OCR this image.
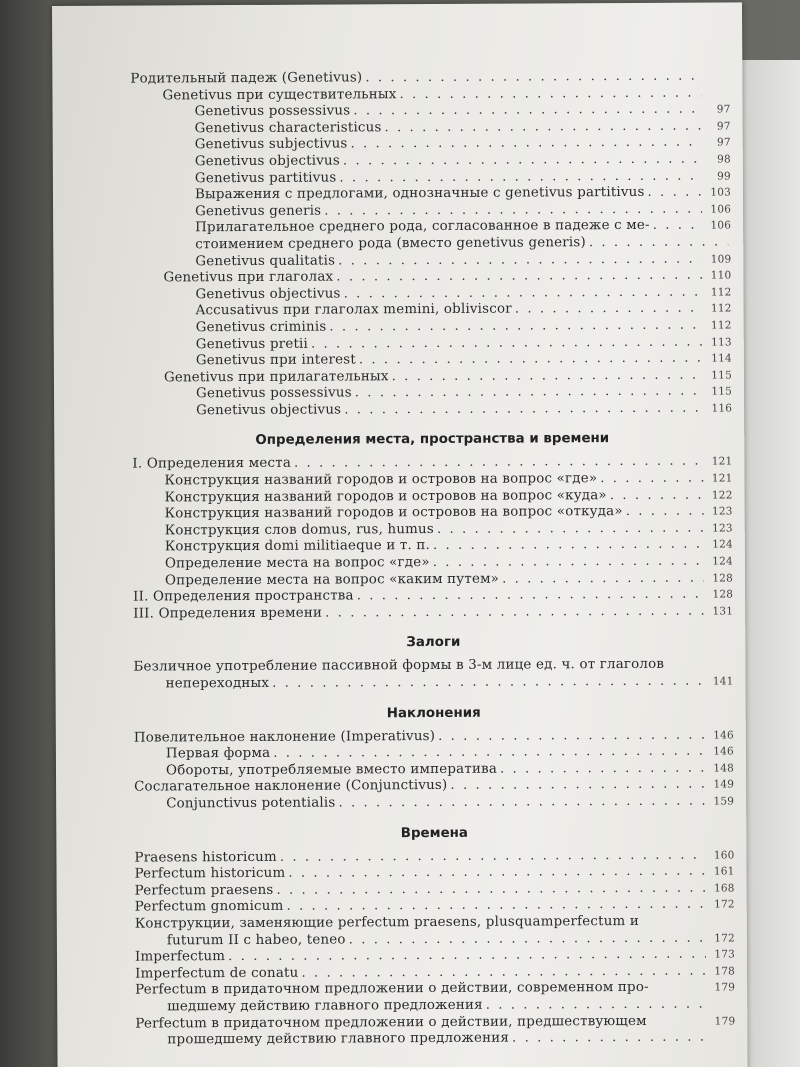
Родительный падеж (Genetivus)
. . .
Genetivus при существительных
. . .
Genetivus possessivus . . .	97
Genetivus characteristicus . . .	97
Genetivus subjectivus . . .	97
Genetivus objectivus . . .	98
Genetivus partitivus . . .	99
Выражения с предлогами, однозначные с genetivus partitivus . . .	103
Genetivus generis . . .	106
Прилагательное среднего рода, согласованное в падеже с ме- . . .	106
стоимением среднего рода (вместо genetivus generis)
. . .
Genetivus qualitatis . . .	109
Genetivus при глаголах . . .	110
Genetivus objectivus . . .	112
Accusativus при глаголах memini, obliviscor . . .	112
Genetivus criminis . . .	112
Genetivus pretii . . .	113
Genetivus при interest . . .	114
Genetivus при прилагательных . . .	115
Genetivus possessivus . . .	115
Genetivus objectivus . . .	116
Определения места, пространства и времени
I. Определения места . . .	121
Конструкция названий городов и островов на вопрос «где» . . .	121
Конструкция названий городов и островов на вопрос «куда» . . .	122
Конструкция названий городов и островов на вопрос «откуда» . . .	123
Конструкция слов domus, rus, humus . . .	123
Конструкция domi militiaeque и т. п. . . .	124
Определение места на вопрос «где» . . .	124
Определение места на вопрос «каким путем» . . .	128
II. Определения пространства . . .	128
III. Определения времени . . .	131
Залоги
Безличное употребление пассивной формы в 3-м лице ед. ч. от глаголов
непереходных . . .	141
Наклонения
Повелительное наклонение (Imperativus) . . .	146
Первая форма . . .	146
Обороты, употребляемые вместо императива . . .	148
Сослагательное наклонение (Conjunctivus) . . .	149
Conjunctivus potentialis . . .	159
Времена
Praesens historicum . . .	160
Perfectum historicum . . .	161
Perfectum praesens . . .	168
Perfectum gnomicum . . .	172
Конструкции, заменяющие perfectum praesens, plusquamperfectum и
futurum II с habeo, teneo . . .	172
Imperfectum . . .	173
Imperfectum de conatu . . .	178
Perfectum в придаточном предложении о действии, современном про-	179
шедшему действию главного предложения
. . .
Perfectum в придаточном предложении о действии, предшествующем	179
прошедшему действию главного предложения
. . .
